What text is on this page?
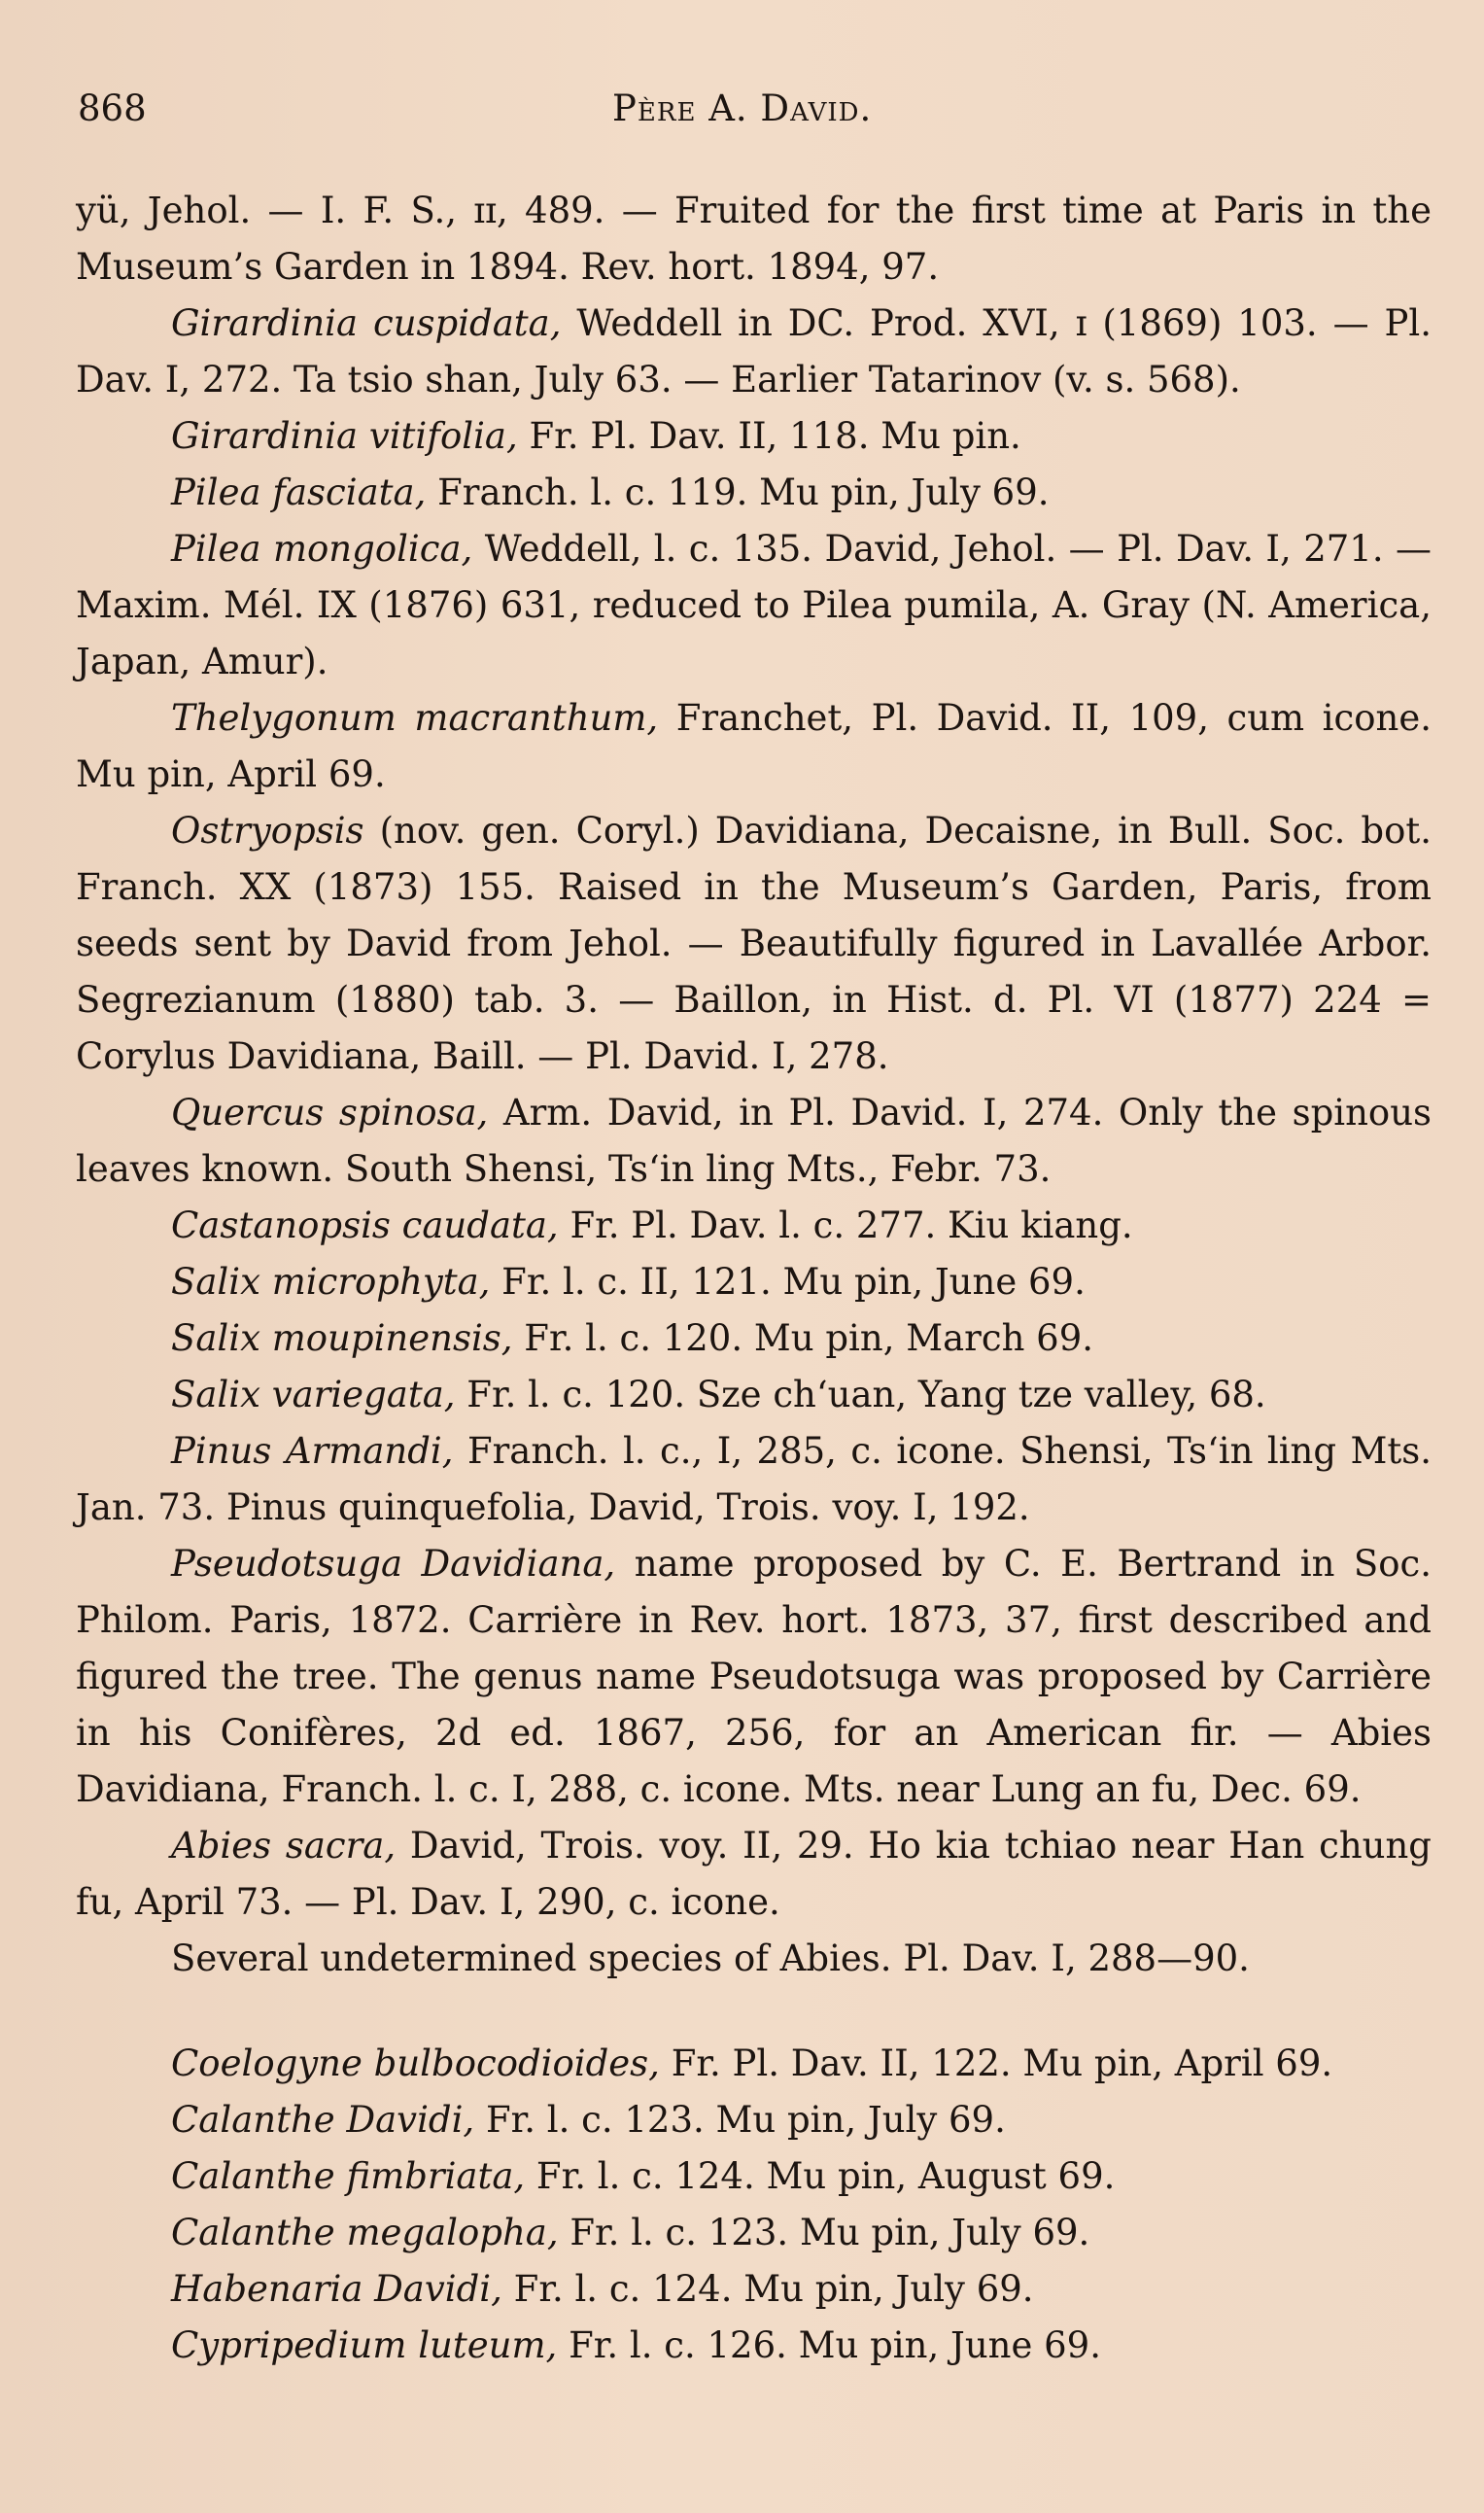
868	Père A. David.

yü, Jehol. — I. F. S., ɪɪ, 489. — Fruited for the first time at Paris in the Museum’s Garden in 1894. Rev. hort. 1894, 97.

Girardinia cuspidata, Weddell in DC. Prod. XVI, ɪ (1869) 103. — Pl. Dav. I, 272. Ta tsio shan, July 63. — Earlier Tatarinov (v. s. 568).

Girardinia vitifolia, Fr. Pl. Dav. II, 118. Mu pin.

Pilea fasciata, Franch. l. c. 119. Mu pin, July 69.

Pilea mongolica, Weddell, l. c. 135. David, Jehol. — Pl. Dav. I, 271. — Maxim. Mél. IX (1876) 631, reduced to Pilea pumila, A. Gray (N. America, Japan, Amur).

Thelygonum macranthum, Franchet, Pl. David. II, 109, cum icone. Mu pin, April 69.

Ostryopsis (nov. gen. Coryl.) Davidiana, Decaisne, in Bull. Soc. bot. Franch. XX (1873) 155. Raised in the Museum’s Garden, Paris, from seeds sent by David from Jehol. — Beautifully figured in Lavallée Arbor. Segrezianum (1880) tab. 3. — Baillon, in Hist. d. Pl. VI (1877) 224 = Corylus Davidiana, Baill. — Pl. David. I, 278.

Quercus spinosa, Arm. David, in Pl. David. I, 274. Only the spinous leaves known. South Shensi, Ts‘in ling Mts., Febr. 73.

Castanopsis caudata, Fr. Pl. Dav. l. c. 277. Kiu kiang.

Salix microphyta, Fr. l. c. II, 121. Mu pin, June 69.

Salix moupinensis, Fr. l. c. 120. Mu pin, March 69.

Salix variegata, Fr. l. c. 120. Sze ch‘uan, Yang tze valley, 68.

Pinus Armandi, Franch. l. c., I, 285, c. icone. Shensi, Ts‘in ling Mts. Jan. 73. Pinus quinquefolia, David, Trois. voy. I, 192.

Pseudotsuga Davidiana, name proposed by C. E. Bertrand in Soc. Philom. Paris, 1872. Carrière in Rev. hort. 1873, 37, first described and figured the tree. The genus name Pseudotsuga was proposed by Carrière in his Conifères, 2d ed. 1867, 256, for an American fir. — Abies Davidiana, Franch. l. c. I, 288, c. icone. Mts. near Lung an fu, Dec. 69.

Abies sacra, David, Trois. voy. II, 29. Ho kia tchiao near Han chung fu, April 73. — Pl. Dav. I, 290, c. icone.

Several undetermined species of Abies. Pl. Dav. I, 288—90.

Coelogyne bulbocodioides, Fr. Pl. Dav. II, 122. Mu pin, April 69.

Calanthe Davidi, Fr. l. c. 123. Mu pin, July 69.

Calanthe fimbriata, Fr. l. c. 124. Mu pin, August 69.

Calanthe megalopha, Fr. l. c. 123. Mu pin, July 69.

Habenaria Davidi, Fr. l. c. 124. Mu pin, July 69.

Cypripedium luteum, Fr. l. c. 126. Mu pin, June 69.
